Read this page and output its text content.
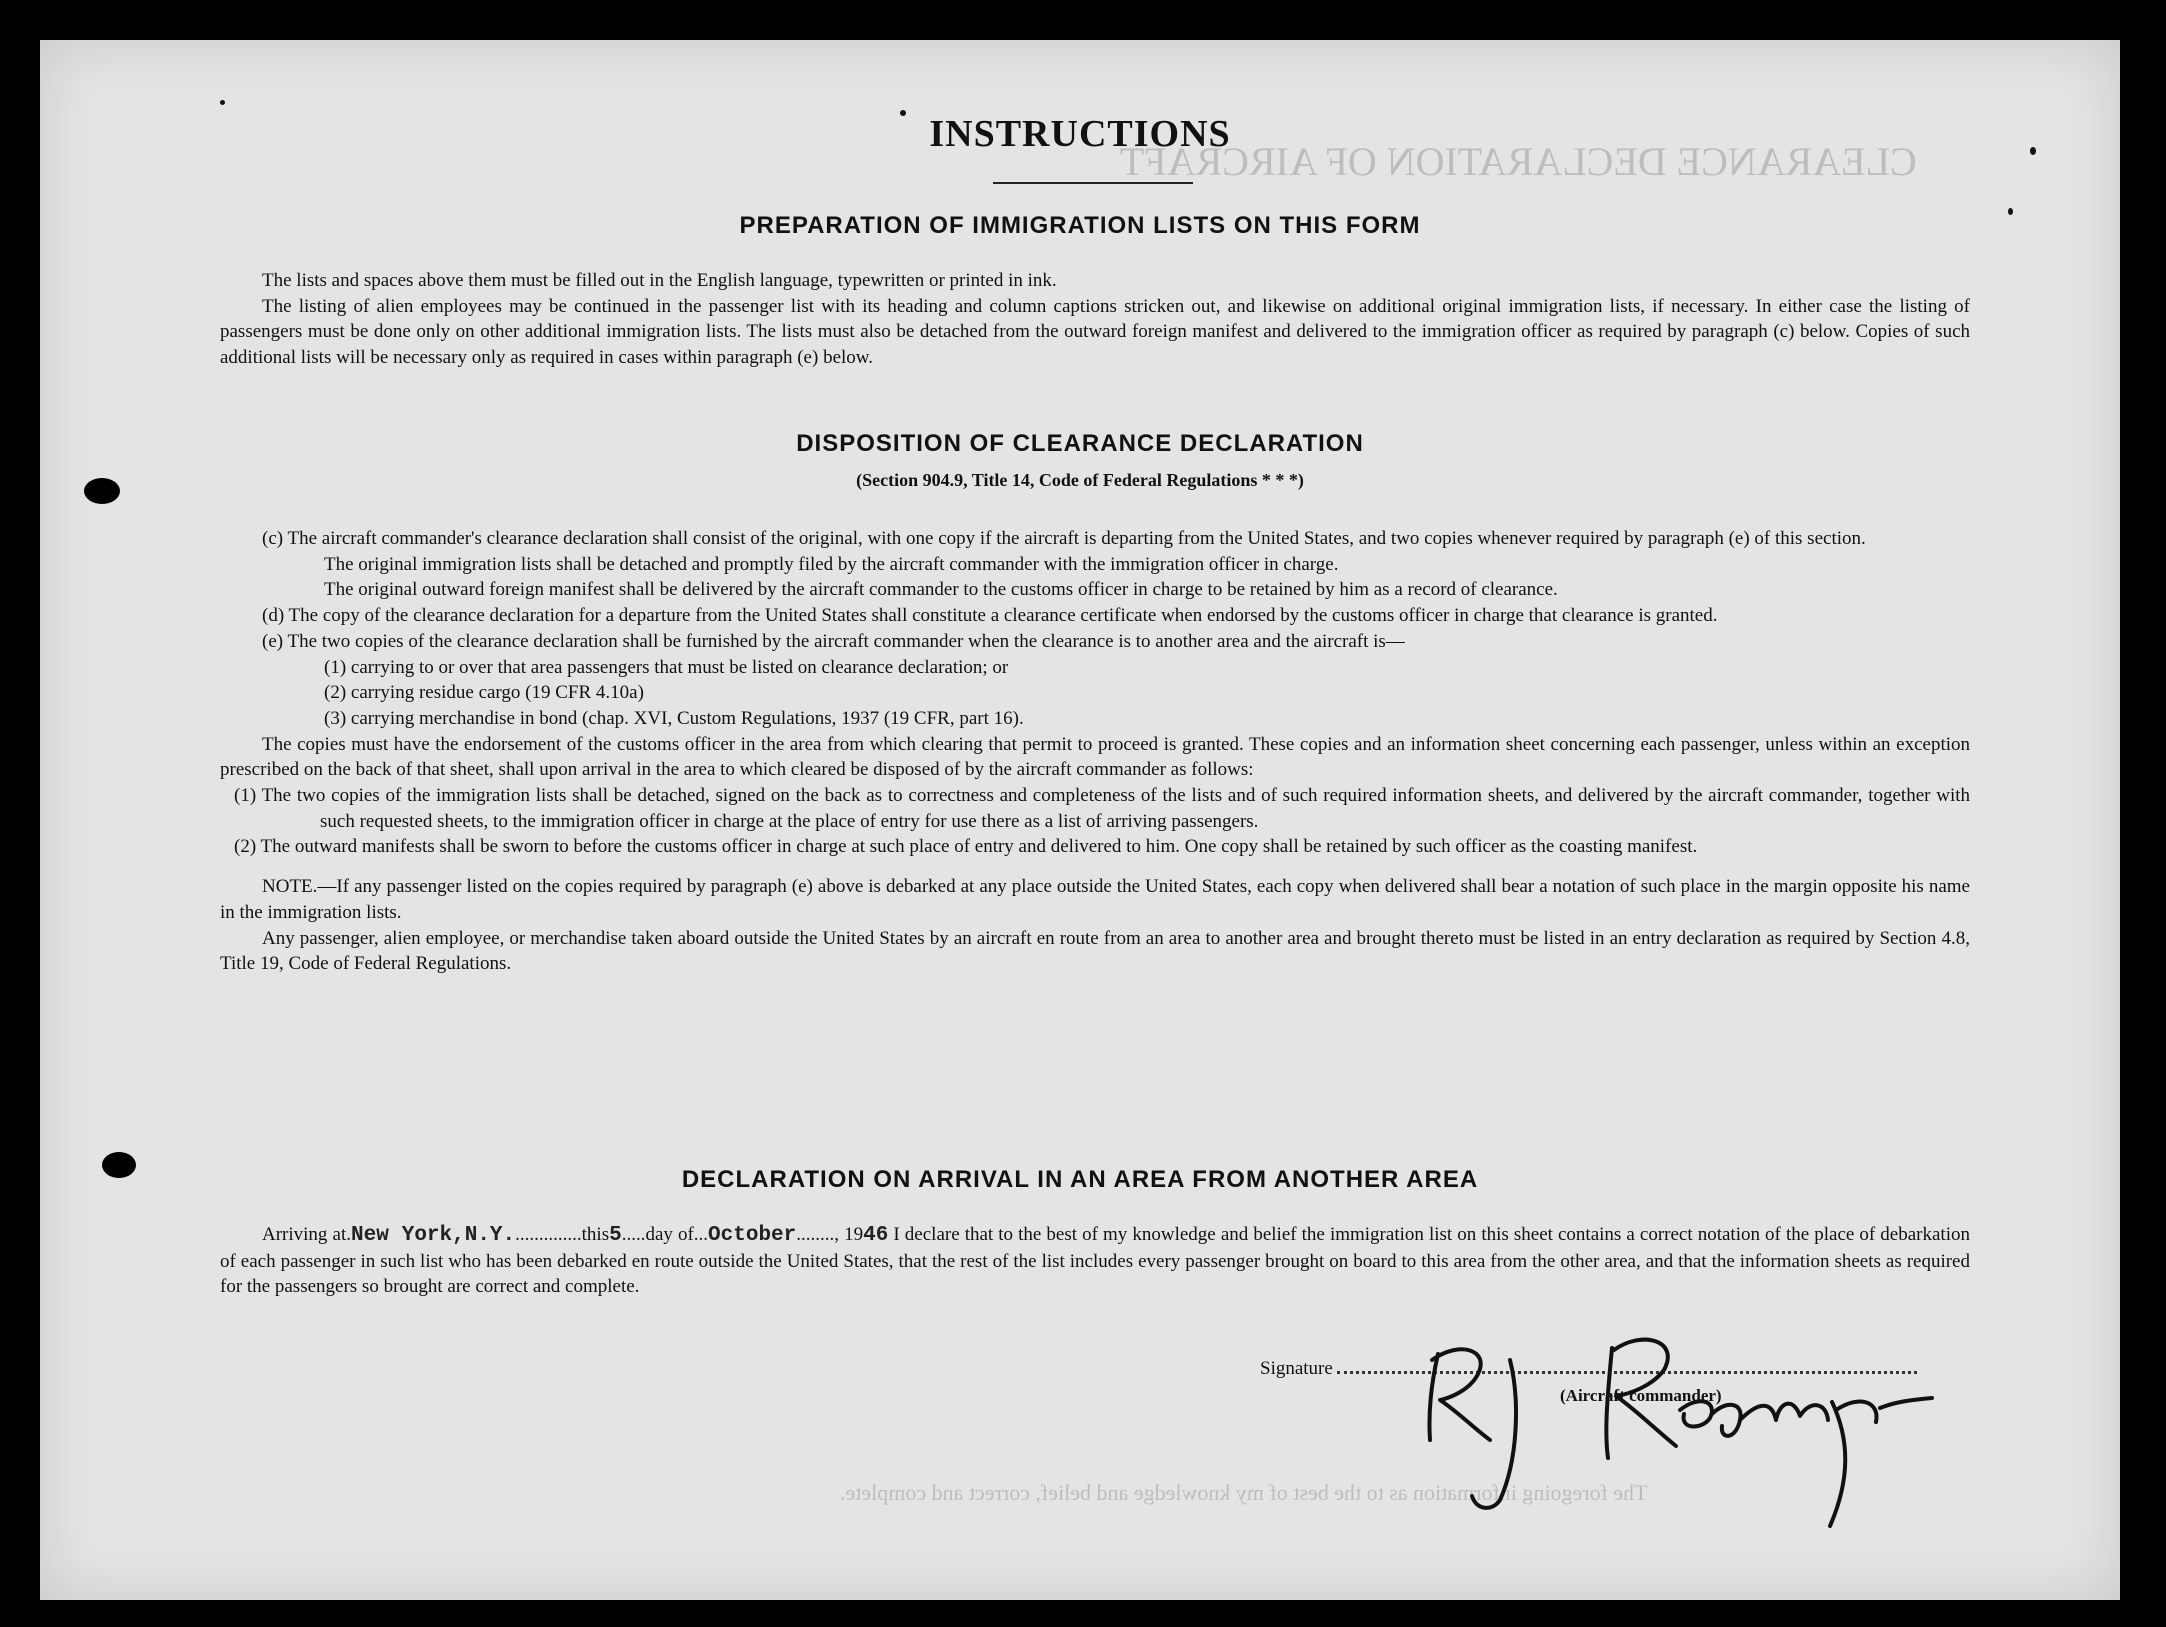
CLEARANCE DECLARATION OF AIRCRAFT
The foregoing information as to the best of my knowledge and belief, correct and complete.
INSTRUCTIONS
PREPARATION OF IMMIGRATION LISTS ON THIS FORM

The lists and spaces above them must be filled out in the English language, typewritten or printed in ink.

The listing of alien employees may be continued in the passenger list with its heading and column captions stricken out, and likewise on additional original immigration lists, if necessary. In either case the listing of passengers must be done only on other additional immigration lists. The lists must also be detached from the outward foreign manifest and delivered to the immigration officer as required by paragraph (c) below. Copies of such additional lists will be necessary only as required in cases within paragraph (e) below.

DISPOSITION OF CLEARANCE DECLARATION
(Section 904.9, Title 14, Code of Federal Regulations * * *)

(c) The aircraft commander's clearance declaration shall consist of the original, with one copy if the aircraft is departing from the United States, and two copies whenever required by paragraph (e) of this section.

The original immigration lists shall be detached and promptly filed by the aircraft commander with the immigration officer in charge.

The original outward foreign manifest shall be delivered by the aircraft commander to the customs officer in charge to be retained by him as a record of clearance.

(d) The copy of the clearance declaration for a departure from the United States shall constitute a clearance certificate when endorsed by the customs officer in charge that clearance is granted.

(e) The two copies of the clearance declaration shall be furnished by the aircraft commander when the clearance is to another area and the aircraft is—

(1) carrying to or over that area passengers that must be listed on clearance declaration; or

(2) carrying residue cargo (19 CFR 4.10a)

(3) carrying merchandise in bond (chap. XVI, Custom Regulations, 1937 (19 CFR, part 16).

The copies must have the endorsement of the customs officer in the area from which clearing that permit to proceed is granted. These copies and an information sheet concerning each passenger, unless within an exception prescribed on the back of that sheet, shall upon arrival in the area to which cleared be disposed of by the aircraft commander as follows:

(1) The two copies of the immigration lists shall be detached, signed on the back as to correctness and completeness of the lists and of such required information sheets, and delivered by the aircraft commander, together with such requested sheets, to the immigration officer in charge at the place of entry for use there as a list of arriving passengers.

(2) The outward manifests shall be sworn to before the customs officer in charge at such place of entry and delivered to him. One copy shall be retained by such officer as the coasting manifest.

NOTE.—If any passenger listed on the copies required by paragraph (e) above is debarked at any place outside the United States, each copy when delivered shall bear a notation of such place in the margin opposite his name in the immigration lists.

Any passenger, alien employee, or merchandise taken aboard outside the United States by an aircraft en route from an area to another area and brought thereto must be listed in an entry declaration as required by Section 4.8, Title 19, Code of Federal Regulations.

DECLARATION ON ARRIVAL IN AN AREA FROM ANOTHER AREA

Arriving at.New York,N.Y...............this5.....day of...October........, 1946 I declare that to the best of my knowledge and belief the immigration list on this sheet contains a correct notation of the place of debarkation of each passenger in such list who has been debarked en route outside the United States, that the rest of the list includes every passenger brought on board to this area from the other area, and that the information sheets as required for the passengers so brought are correct and complete.

Signature
(Aircraft commander)
